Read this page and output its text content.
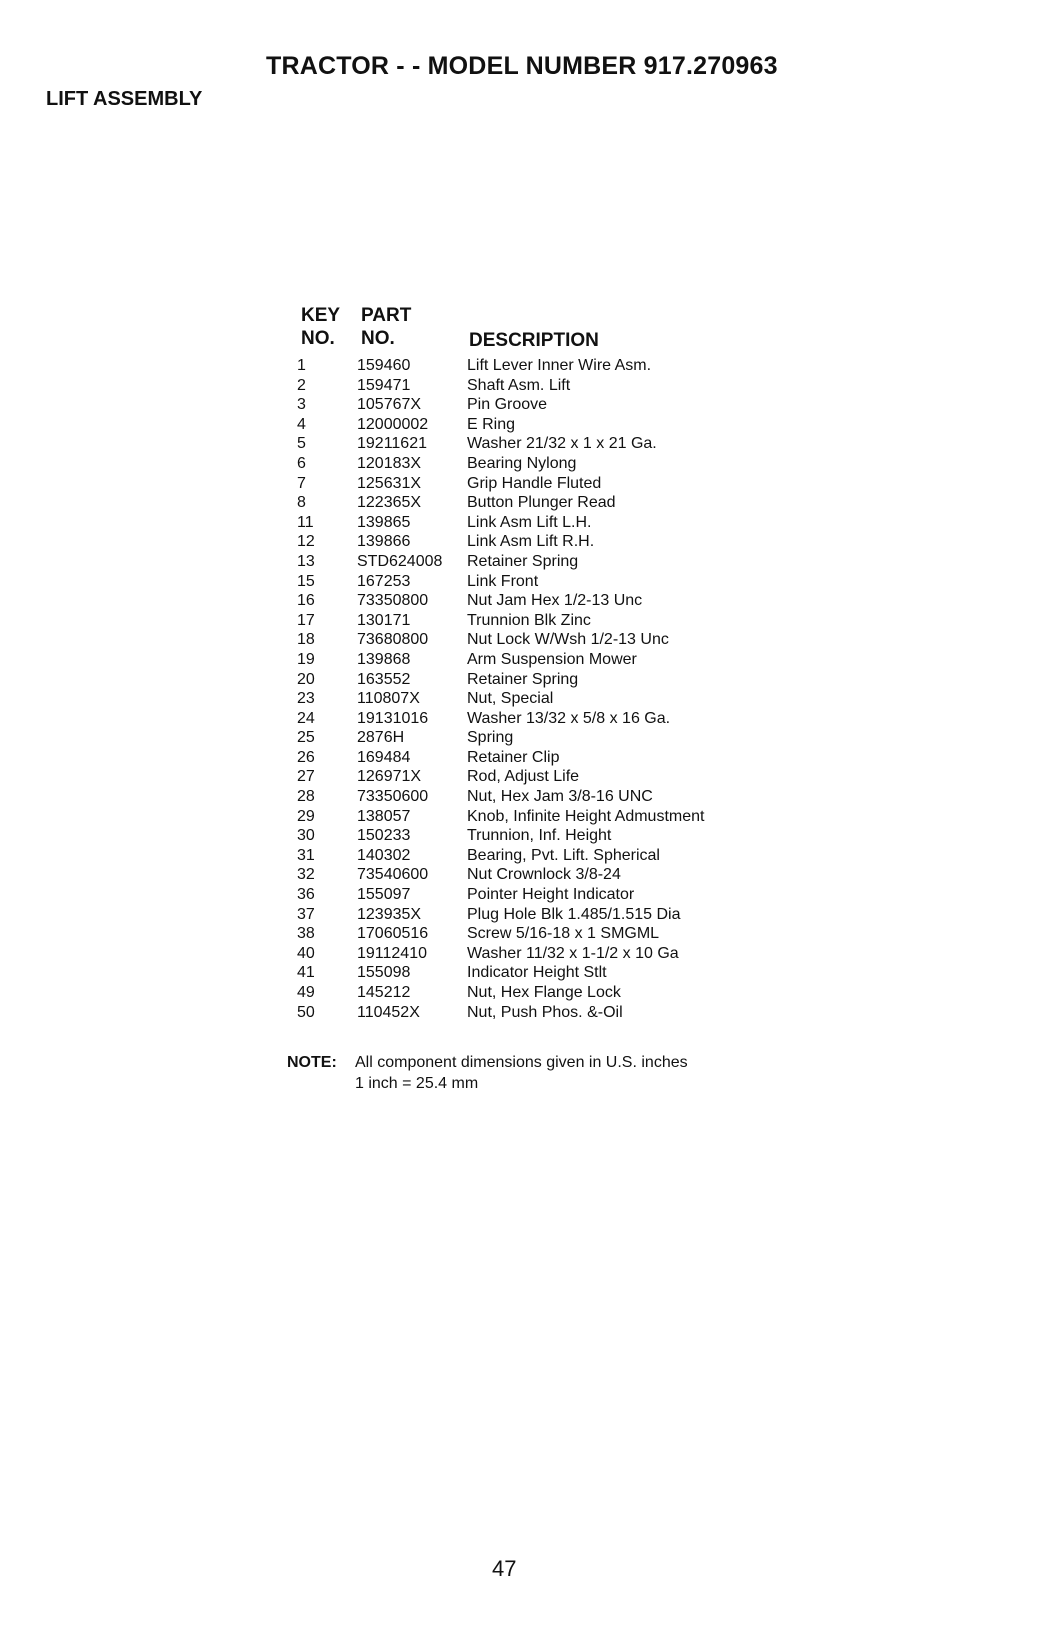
TRACTOR - - MODEL NUMBER 917.270963
LIFT ASSEMBLY
KEY
NO.
PART
NO.	DESCRIPTION
1	159460	Lift Lever Inner Wire Asm.
2	159471	Shaft Asm. Lift
3	105767X	Pin Groove
4	12000002 E Ring
5	19211621	Washer 21/32 x 1 x 21 Ga.
6	120183X	Bearing Nylong
7	125631X	Grip Handle Fluted
8	122365X	Button Plunger Read
11	139865	Link Asm Lift L.H.
12	139866	Link Asm Lift R.H.
13	STD624008 Retainer Spring
15	167253	Link Front
16	73350800 Nut Jam Hex 1/2-13 Unc
17	130171	Trunnion Blk Zinc
18	73680800 Nut Lock W/Wsh 1/2-13 Unc
19	139868	Arm Suspension Mower
20	163552	Retainer Spring
23	110807X	Nut, Special
24	19131016 Washer 13/32 x 5/8 x 16 Ga.
25	2876H	Spring
26	169484	Retainer Clip
27	126971X	Rod, Adjust Life
28	73350600 Nut, Hex Jam 3/8-16 UNC
29	138057	Knob, Infinite Height Admustment
30	150233	Trunnion, Inf. Height
31	140302	Bearing, Pvt. Lift. Spherical
32	73540600 Nut Crownlock 3/8-24
36	155097	Pointer Height Indicator
37	123935X	Plug Hole Blk 1.485/1.515 Dia
38	17060516 Screw 5/16-18 x 1 SMGML
40	19112410	Washer 11/32 x 1-1/2 x 10 Ga
41	155098	Indicator Height Stlt
49	145212	Nut, Hex Flange Lock
50	110452X	Nut, Push Phos. &-Oil
NOTE: All component dimensions given in U.S. inches
1 inch = 25.4 mm
47
